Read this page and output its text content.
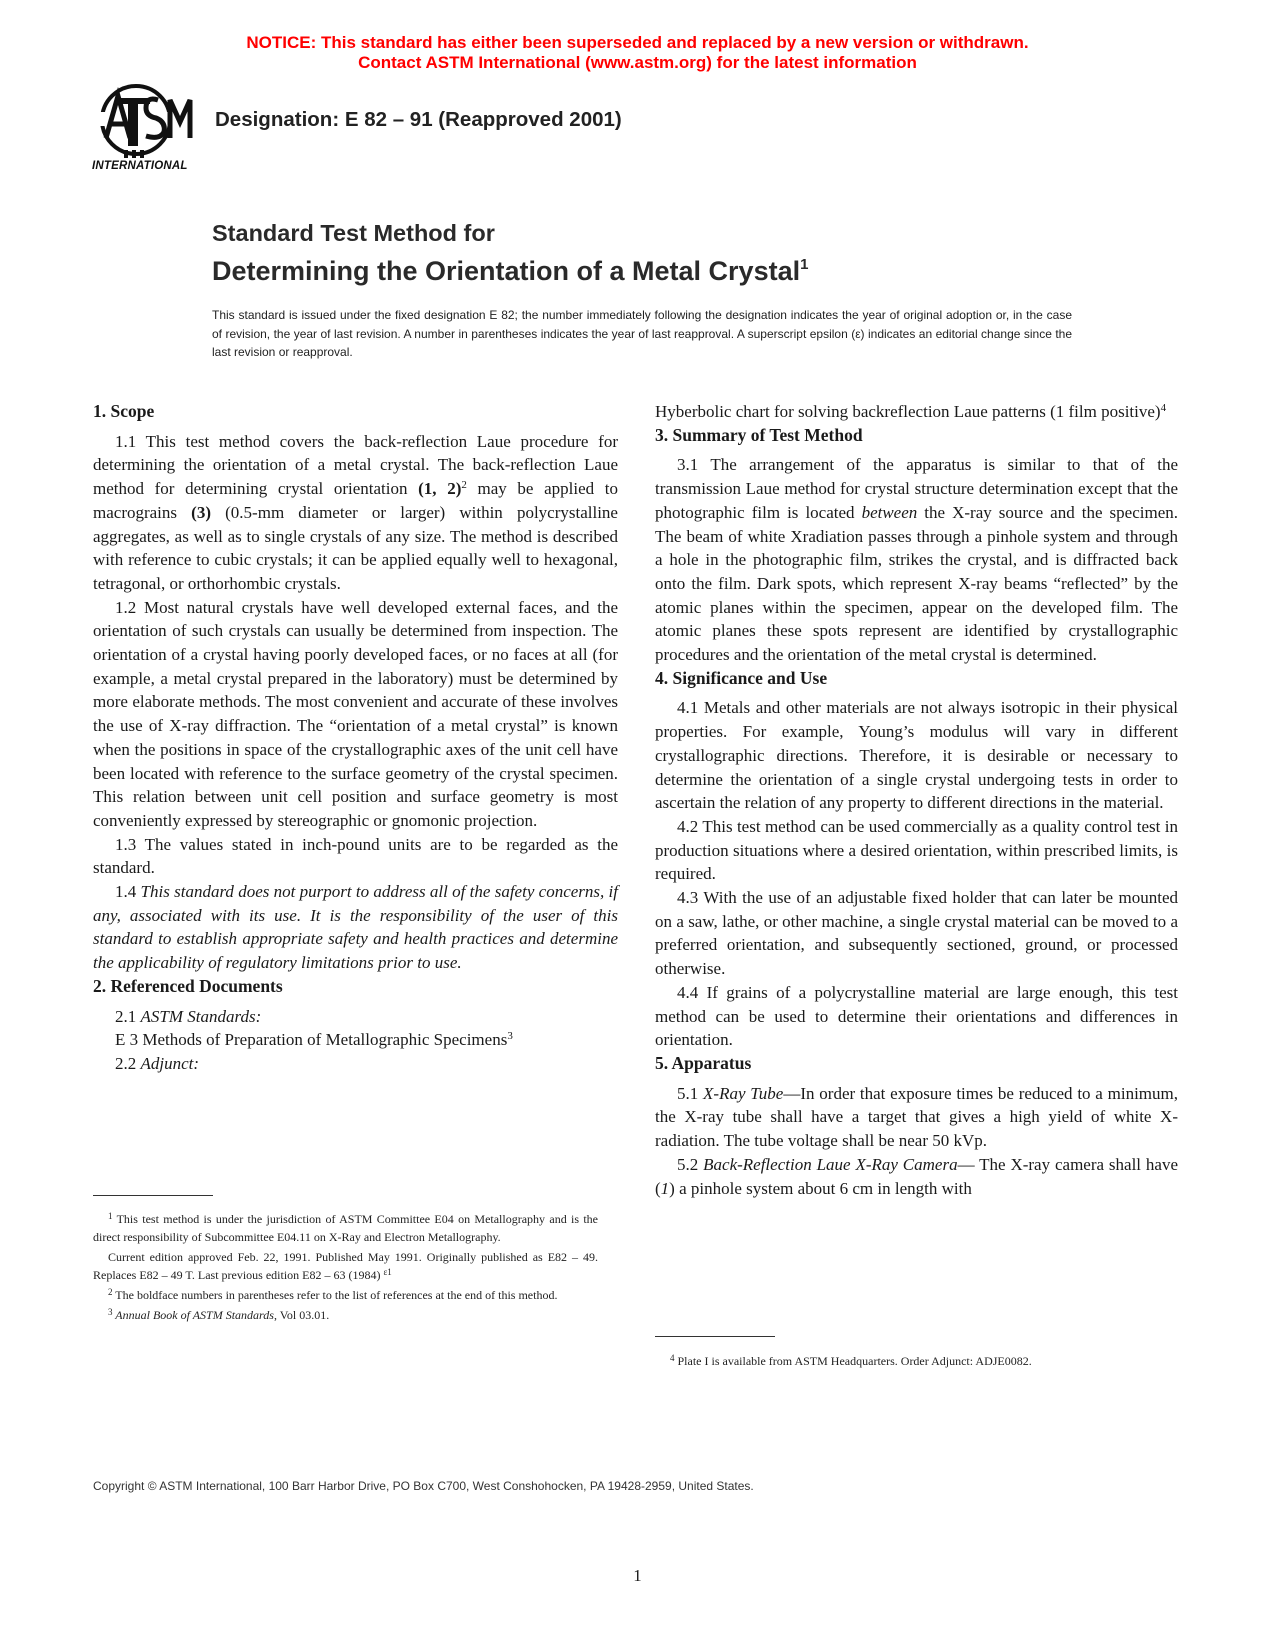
NOTICE: This standard has either been superseded and replaced by a new version or withdrawn.
Contact ASTM International (www.astm.org) for the latest information
INTERNATIONAL
Designation: E 82 – 91 (Reapproved 2001)
Standard Test Method for
Determining the Orientation of a Metal Crystal$^1$
This standard is issued under the fixed designation E 82; the number immediately following the designation indicates the year of original adoption or, in the case of revision, the year of last revision. A number in parentheses indicates the year of last reapproval. A superscript epsilon (ε) indicates an editorial change since the last revision or reapproval.
1. Scope

1.1 This test method covers the back-reflection Laue procedure for determining the orientation of a metal crystal. The back-reflection Laue method for determining crystal orientation (1, 2)$^2$ may be applied to macrograins (3) (0.5-mm diameter or larger) within polycrystalline aggregates, as well as to single crystals of any size. The method is described with reference to cubic crystals; it can be applied equally well to hexagonal, tetragonal, or orthorhombic crystals.

1.2 Most natural crystals have well developed external faces, and the orientation of such crystals can usually be determined from inspection. The orientation of a crystal having poorly developed faces, or no faces at all (for example, a metal crystal prepared in the laboratory) must be determined by more elaborate methods. The most convenient and accurate of these involves the use of X-ray diffraction. The “orientation of a metal crystal” is known when the positions in space of the crystallographic axes of the unit cell have been located with reference to the surface geometry of the crystal specimen. This relation between unit cell position and surface geometry is most conveniently expressed by stereographic or gnomonic projection.

1.3 The values stated in inch-pound units are to be regarded as the standard.

1.4 This standard does not purport to address all of the safety concerns, if any, associated with its use. It is the responsibility of the user of this standard to establish appropriate safety and health practices and determine the applicability of regulatory limitations prior to use.

2. Referenced Documents

2.1 ASTM Standards:

E 3 Methods of Preparation of Metallographic Specimens$^3$

2.2 Adjunct:

$^1$ This test method is under the jurisdiction of ASTM Committee E04 on Metallography and is the direct responsibility of Subcommittee E04.11 on X-Ray and Electron Metallography.

Current edition approved Feb. 22, 1991. Published May 1991. Originally published as E82 – 49. Replaces E82 – 49 T. Last previous edition E82 – 63 (1984) $^{\varepsilon 1}$

$^2$ The boldface numbers in parentheses refer to the list of references at the end of this method.

$^3$ Annual Book of ASTM Standards, Vol 03.01.

Hyberbolic chart for solving backreflection Laue patterns (1 film positive)$^4$

3. Summary of Test Method

3.1 The arrangement of the apparatus is similar to that of the transmission Laue method for crystal structure determination except that the photographic film is located between the X-ray source and the specimen. The beam of white Xradiation passes through a pinhole system and through a hole in the photographic film, strikes the crystal, and is diffracted back onto the film. Dark spots, which represent X-ray beams “reflected” by the atomic planes within the specimen, appear on the developed film. The atomic planes these spots represent are identified by crystallographic procedures and the orientation of the metal crystal is determined.

4. Significance and Use

4.1 Metals and other materials are not always isotropic in their physical properties. For example, Young’s modulus will vary in different crystallographic directions. Therefore, it is desirable or necessary to determine the orientation of a single crystal undergoing tests in order to ascertain the relation of any property to different directions in the material.

4.2 This test method can be used commercially as a quality control test in production situations where a desired orientation, within prescribed limits, is required.

4.3 With the use of an adjustable fixed holder that can later be mounted on a saw, lathe, or other machine, a single crystal material can be moved to a preferred orientation, and subsequently sectioned, ground, or processed otherwise.

4.4 If grains of a polycrystalline material are large enough, this test method can be used to determine their orientations and differences in orientation.

5. Apparatus

5.1 X-Ray Tube—In order that exposure times be reduced to a minimum, the X-ray tube shall have a target that gives a high yield of white X-radiation. The tube voltage shall be near 50 kVp.

5.2 Back-Reflection Laue X-Ray Camera— The X-ray camera shall have (1) a pinhole system about 6 cm in length with

$^4$ Plate I is available from ASTM Headquarters. Order Adjunct: ADJE0082.

Copyright © ASTM International, 100 Barr Harbor Drive, PO Box C700, West Conshohocken, PA 19428-2959, United States.
1
